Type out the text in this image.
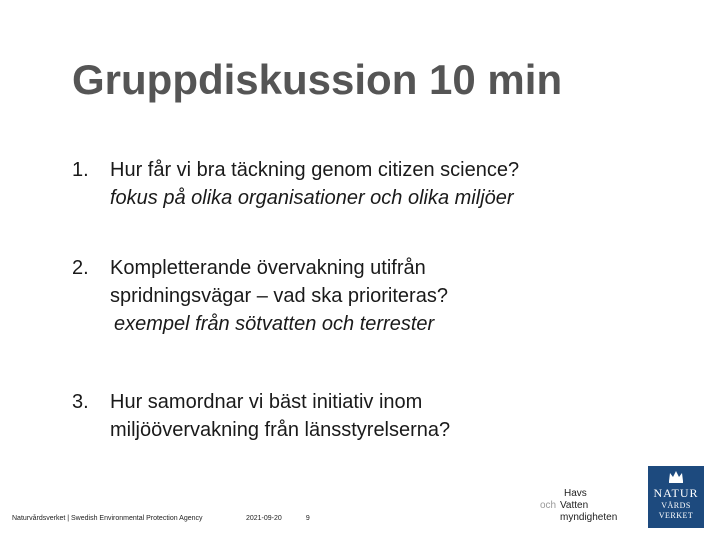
Gruppdiskussion 10 min
1.	Hur får vi bra täckning genom citizen science?
fokus på olika organisationer och olika miljöer
2.	Kompletterande övervakning utifrån
spridningsvägar – vad ska prioriteras?
exempel från sötvatten och terrester
3.	Hur samordnar vi bäst initiativ inom
miljöövervakning från länsstyrelserna?
Naturvårdsverket | Swedish Environmental Protection Agency	2021-09-20	9
Havs
och Vatten
myndigheten
NATUR
VÅRDS
VERKET
